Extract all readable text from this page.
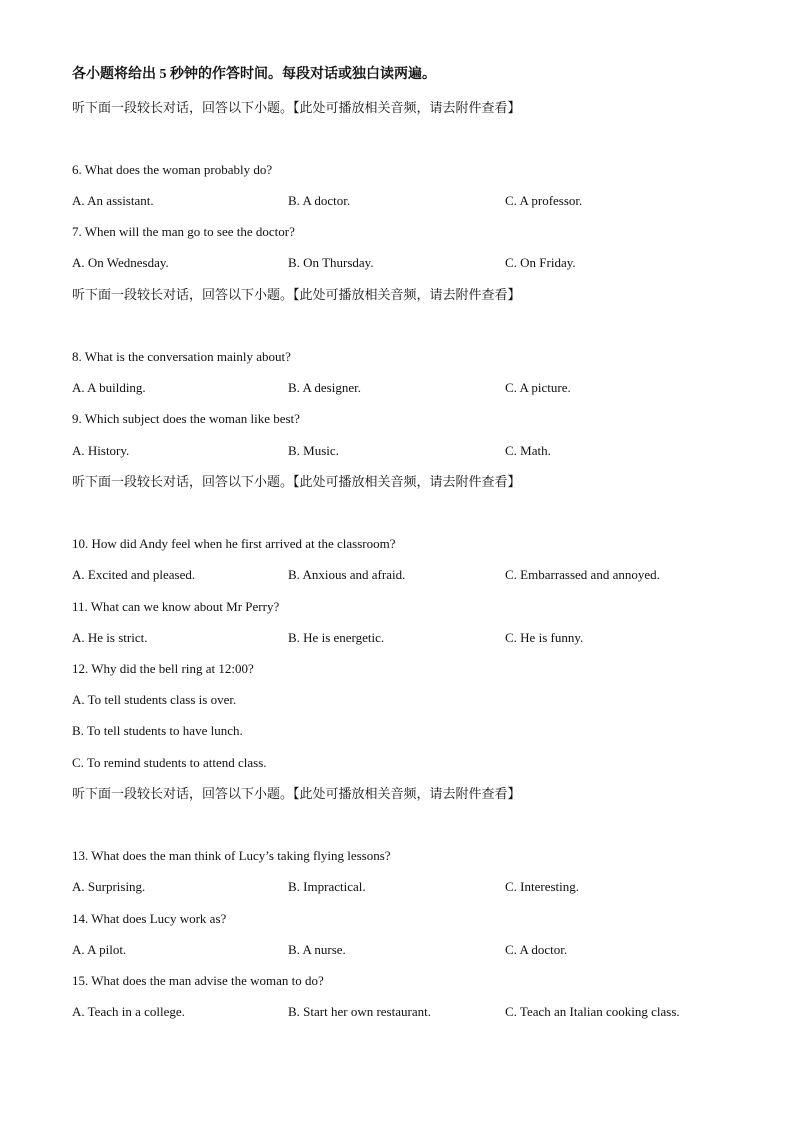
各小题将给出 5 秒钟的作答时间。每段对话或独白读两遍。
听下面一段较长对话，回答以下小题。【此处可播放相关音频，请去附件查看】
6. What does the woman probably do?
A. An assistant.	B. A doctor.	C. A professor.
7. When will the man go to see the doctor?
A. On Wednesday.	B. On Thursday.	C. On Friday.
听下面一段较长对话，回答以下小题。【此处可播放相关音频，请去附件查看】
8. What is the conversation mainly about?
A. A building.	B. A designer.	C. A picture.
9. Which subject does the woman like best?
A. History.	B. Music.	C. Math.
听下面一段较长对话，回答以下小题。【此处可播放相关音频，请去附件查看】
10. How did Andy feel when he first arrived at the classroom?
A. Excited and pleased.	B. Anxious and afraid.	C. Embarrassed and annoyed.
11. What can we know about Mr Perry?
A. He is strict.	B. He is energetic.	C. He is funny.
12. Why did the bell ring at 12:00?
A. To tell students class is over.
B. To tell students to have lunch.
C. To remind students to attend class.
听下面一段较长对话，回答以下小题。【此处可播放相关音频，请去附件查看】
13. What does the man think of Lucy’s taking flying lessons?
A. Surprising.	B. Impractical.	C. Interesting.
14. What does Lucy work as?
A. A pilot.	B. A nurse.	C. A doctor.
15. What does the man advise the woman to do?
A. Teach in a college.	B. Start her own restaurant.	C. Teach an Italian cooking class.
